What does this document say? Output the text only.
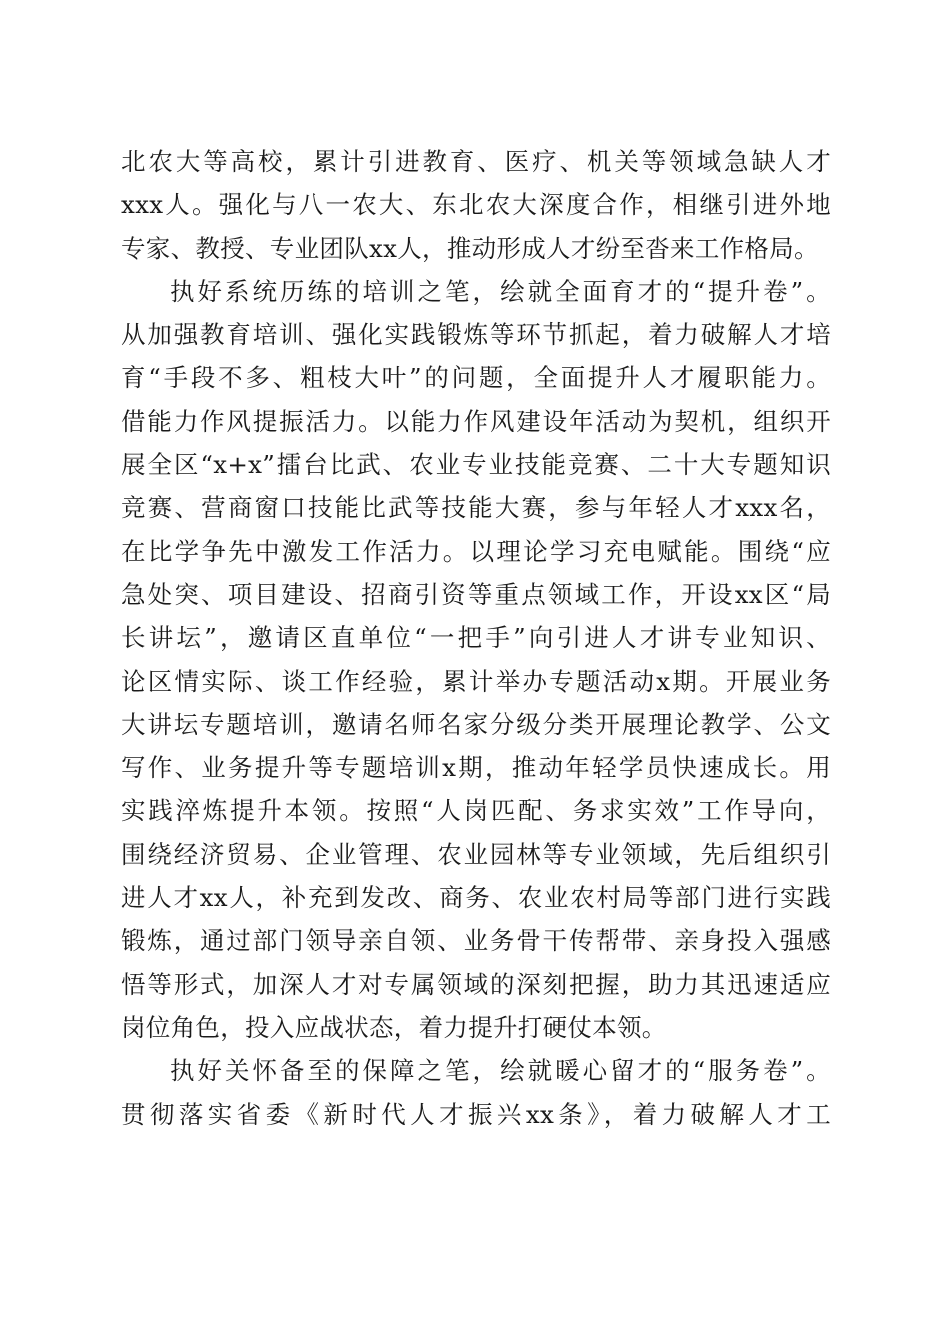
北农大等高校，累计引进教育、医疗、机关等领域急缺人才
xxx人。强化与八一农大、东北农大深度合作，相继引进外地
专家、教授、专业团队xx人，推动形成人才纷至沓来工作格局。
执好系统历练的培训之笔，绘就全面育才的“提升卷”。
从加强教育培训、强化实践锻炼等环节抓起，着力破解人才培
育“手段不多、粗枝大叶”的问题，全面提升人才履职能力。
借能力作风提振活力。以能力作风建设年活动为契机，组织开
展全区“x+x”擂台比武、农业专业技能竞赛、二十大专题知识
竞赛、营商窗口技能比武等技能大赛，参与年轻人才xxx名，
在比学争先中激发工作活力。以理论学习充电赋能。围绕“应
急处突、项目建设、招商引资等重点领域工作，开设xx区“局
长讲坛”，邀请区直单位“一把手”向引进人才讲专业知识、
论区情实际、谈工作经验，累计举办专题活动x期。开展业务
大讲坛专题培训，邀请名师名家分级分类开展理论教学、公文
写作、业务提升等专题培训x期，推动年轻学员快速成长。用
实践淬炼提升本领。按照“人岗匹配、务求实效”工作导向，
围绕经济贸易、企业管理、农业园林等专业领域，先后组织引
进人才xx人，补充到发改、商务、农业农村局等部门进行实践
锻炼，通过部门领导亲自领、业务骨干传帮带、亲身投入强感
悟等形式，加深人才对专属领域的深刻把握，助力其迅速适应
岗位角色，投入应战状态，着力提升打硬仗本领。
执好关怀备至的保障之笔，绘就暖心留才的“服务卷”。
贯彻落实省委《新时代人才振兴xx条》，着力破解人才工
